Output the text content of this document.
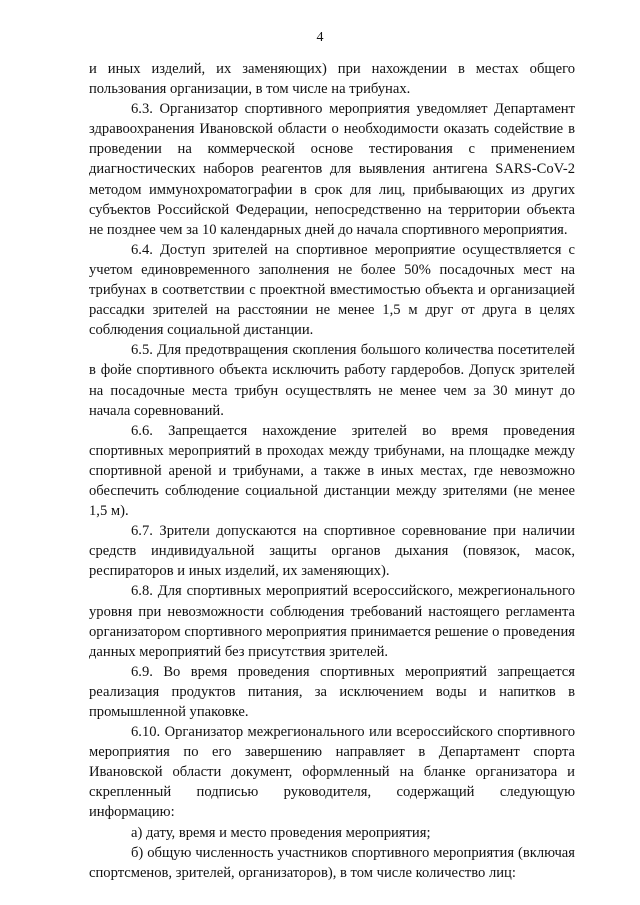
4

и иных изделий, их заменяющих) при нахождении в местах общего пользования организации, в том числе на трибунах.

6.3. Организатор спортивного мероприятия уведомляет Департамент здравоохранения Ивановской области о необходимости оказать содействие в проведении на коммерческой основе тестирования с применением диагностических наборов реагентов для выявления антигена SARS-CoV-2 методом иммунохроматографии в срок для лиц, прибывающих из других субъектов Российской Федерации, непосредственно на территории объекта не позднее чем за 10 календарных дней до начала спортивного мероприятия.

6.4. Доступ зрителей на спортивное мероприятие осуществляется с учетом единовременного заполнения не более 50% посадочных мест на трибунах в соответствии с проектной вместимостью объекта и организацией рассадки зрителей на расстоянии не менее 1,5 м друг от друга в целях соблюдения социальной дистанции.

6.5. Для предотвращения скопления большого количества посетителей в фойе спортивного объекта исключить работу гардеробов. Допуск зрителей на посадочные места трибун осуществлять не менее чем за 30 минут до начала соревнований.

6.6. Запрещается нахождение зрителей во время проведения спортивных мероприятий в проходах между трибунами, на площадке между спортивной ареной и трибунами, а также в иных местах, где невозможно обеспечить соблюдение социальной дистанции между зрителями (не менее 1,5 м).

6.7. Зрители допускаются на спортивное соревнование при наличии средств индивидуальной защиты органов дыхания (повязок, масок, респираторов и иных изделий, их заменяющих).

6.8. Для спортивных мероприятий всероссийского, межрегионального уровня при невозможности соблюдения требований настоящего регламента организатором спортивного мероприятия принимается решение о проведения данных мероприятий без присутствия зрителей.

6.9. Во время проведения спортивных мероприятий запрещается реализация продуктов питания, за исключением воды и напитков в промышленной упаковке.

6.10. Организатор межрегионального или всероссийского спортивного мероприятия по его завершению направляет в Департамент спорта Ивановской области документ, оформленный на бланке организатора и скрепленный подписью руководителя, содержащий следующую информацию:

а) дату, время и место проведения мероприятия;

б) общую численность участников спортивного мероприятия (включая спортсменов, зрителей, организаторов), в том числе количество лиц:
